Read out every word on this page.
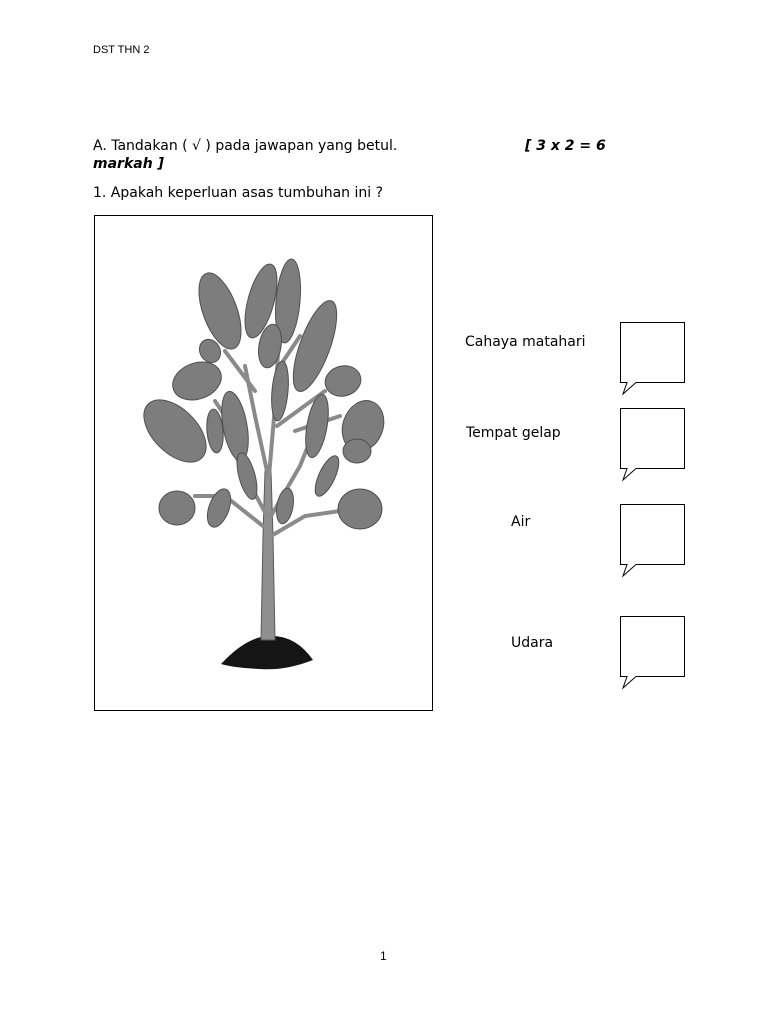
DST THN 2
A. Tandakan ( √ ) pada jawapan yang betul.	[ 3 x 2 = 6
markah ]
1. Apakah keperluan asas tumbuhan ini ?
Cahaya matahari
Tempat gelap
Air
Udara
1
